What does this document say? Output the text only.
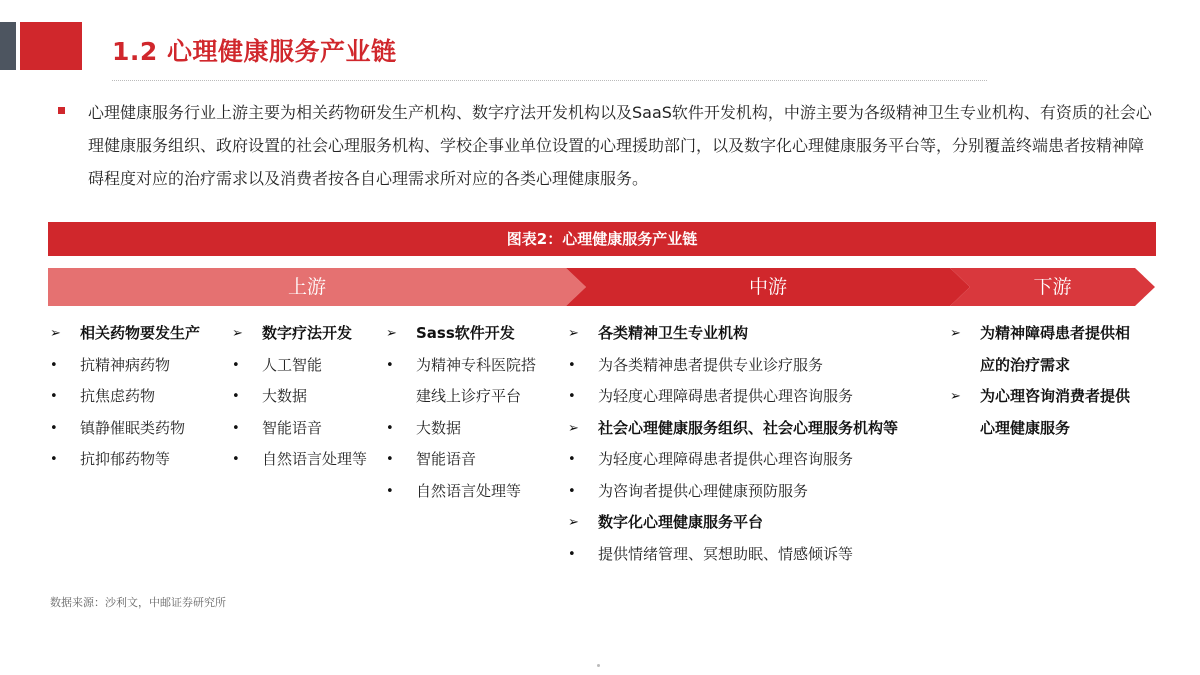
1.2 心理健康服务产业链
心理健康服务行业上游主要为相关药物研发生产机构、数字疗法开发机构以及SaaS软件开发机构，中游主要为各级精神卫生专业机构、有资质的社会心理健康服务组织、政府设置的社会心理服务机构、学校企事业单位设置的心理援助部门，以及数字化心理健康服务平台等，分别覆盖终端患者按精神障碍程度对应的治疗需求以及消费者按各自心理需求所对应的各类心理健康服务。
图表2：心理健康服务产业链
上游	中游	下游
➢	相关药物要发生产
•	抗精神病药物
•	抗焦虑药物
•	镇静催眠类药物
•	抗抑郁药物等
➢	数字疗法开发
•	人工智能
•	大数据
•	智能语音
•	自然语言处理等
➢	Sass软件开发
•	为精神专科医院搭
建线上诊疗平台
•	大数据
•	智能语音
•	自然语言处理等
➢	各类精神卫生专业机构
•	为各类精神患者提供专业诊疗服务
•	为轻度心理障碍患者提供心理咨询服务
➢	社会心理健康服务组织、社会心理服务机构等
•	为轻度心理障碍患者提供心理咨询服务
•	为咨询者提供心理健康预防服务
➢	数字化心理健康服务平台
•	提供情绪管理、冥想助眠、情感倾诉等
➢	为精神障碍患者提供相
应的治疗需求
➢	为心理咨询消费者提供
心理健康服务
数据来源：沙利文，中邮证券研究所
